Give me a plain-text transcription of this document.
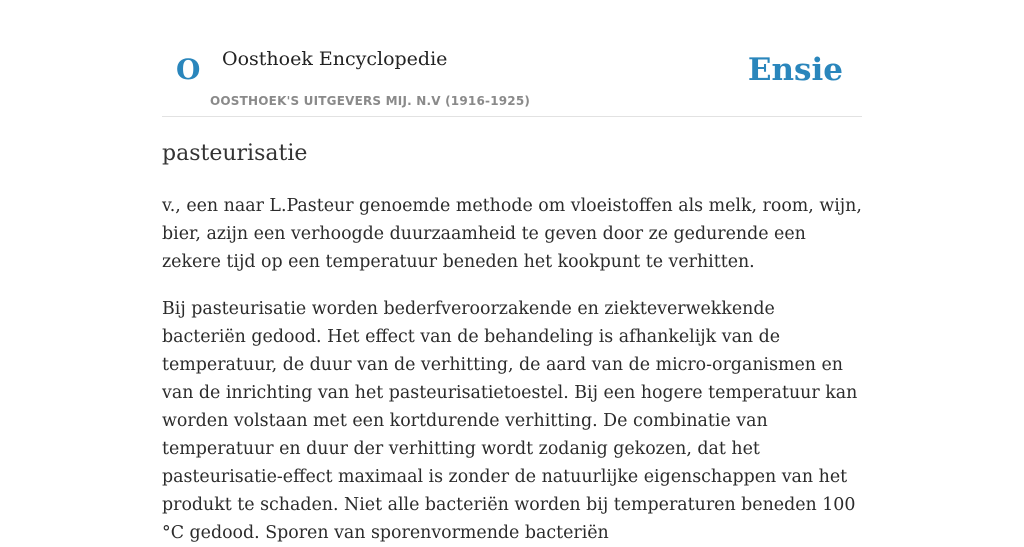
O Oosthoek Encyclopedie
OOSTHOEK'S UITGEVERS MIJ. N.V (1916-1925)
Ensie
pasteurisatie

v., een naar L.Pasteur genoemde methode om vloeistoffen als melk, room, wijn, bier, azijn een verhoogde duurzaamheid te geven door ze gedurende een zekere tijd op een temperatuur beneden het kookpunt te verhitten.

Bij pasteurisatie worden bederfveroorzakende en ziekteverwekkende bacteriën gedood. Het effect van de behandeling is afhankelijk van de temperatuur, de duur van de verhitting, de aard van de micro-organismen en van de inrichting van het pasteurisatietoestel. Bij een hogere temperatuur kan worden volstaan met een kortdurende verhitting. De combinatie van temperatuur en duur der verhitting wordt zodanig gekozen, dat het pasteurisatie-effect maximaal is zonder de natuurlijke eigenschappen van het produkt te schaden. Niet alle bacteriën worden bij temperaturen beneden 100 °C gedood. Sporen van sporenvormende bacteriën
